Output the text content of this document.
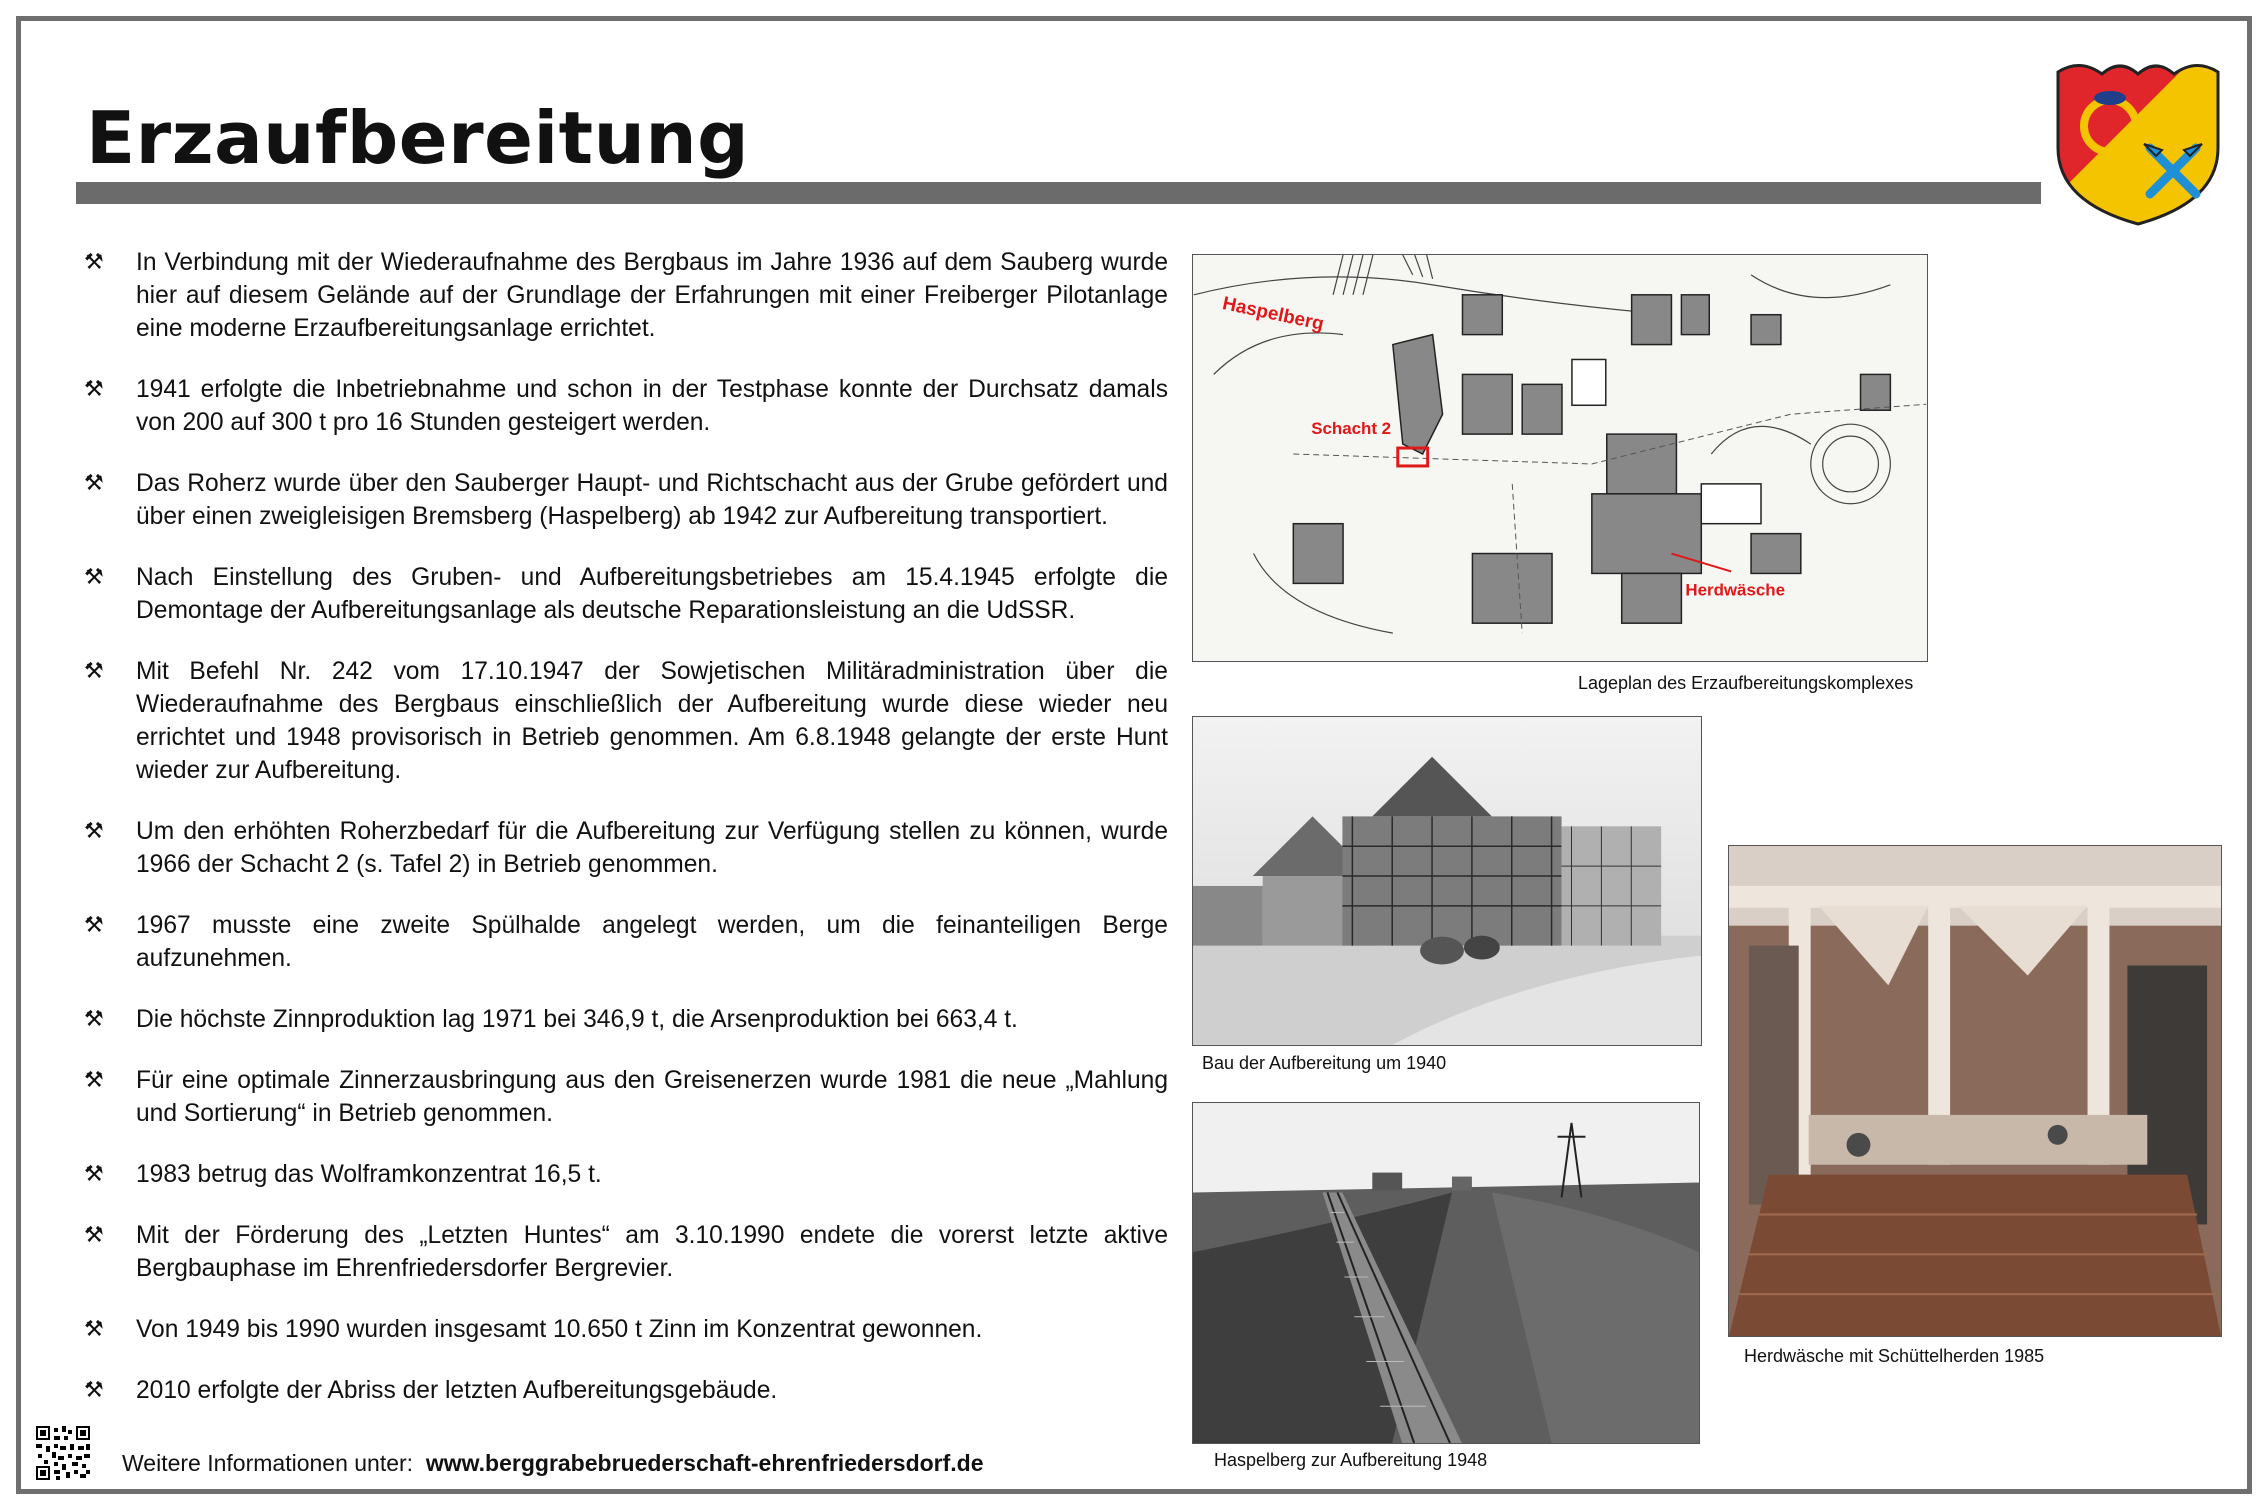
Erzaufbereitung
⚒ In Verbindung mit der Wiederaufnahme des Bergbaus im Jahre 1936 auf dem Sauberg wurde hier auf diesem Gelände auf der Grundlage der Erfahrungen mit einer Freiberger Pilotanlage eine moderne Erzaufbereitungsanlage errichtet.
⚒ 1941 erfolgte die Inbetriebnahme und schon in der Testphase konnte der Durchsatz damals von 200 auf 300 t pro 16 Stunden gesteigert werden.
⚒ Das Roherz wurde über den Sauberger Haupt- und Richtschacht aus der Grube gefördert und über einen zweigleisigen Bremsberg (Haspelberg) ab 1942 zur Aufbereitung transportiert.
⚒ Nach Einstellung des Gruben- und Aufbereitungsbetriebes am 15.4.1945 erfolgte die Demontage der Aufbereitungsanlage als deutsche Reparationsleistung an die UdSSR.
⚒ Mit Befehl Nr. 242 vom 17.10.1947 der Sowjetischen Militäradministration über die Wiederaufnahme des Bergbaus einschließlich der Aufbereitung wurde diese wieder neu errichtet und 1948 provisorisch in Betrieb genommen. Am 6.8.1948 gelangte der erste Hunt wieder zur Aufbereitung.
⚒ Um den erhöhten Roherzbedarf für die Aufbereitung zur Verfügung stellen zu können, wurde 1966 der Schacht 2 (s. Tafel 2) in Betrieb genommen.
⚒ 1967 musste eine zweite Spülhalde angelegt werden, um die feinanteiligen Berge aufzunehmen.
⚒ Die höchste Zinnproduktion lag 1971 bei 346,9 t, die Arsenproduktion bei 663,4 t.
⚒ Für eine optimale Zinnerzausbringung aus den Greisenerzen wurde 1981 die neue „Mahlung und Sortierung“ in Betrieb genommen.
⚒ 1983 betrug das Wolframkonzentrat 16,5 t.
⚒ Mit der Förderung des „Letzten Huntes“ am 3.10.1990 endete die vorerst letzte aktive Bergbauphase im Ehrenfriedersdorfer Bergrevier.
⚒ Von 1949 bis 1990 wurden insgesamt 10.650 t Zinn im Konzentrat gewonnen.
⚒ 2010 erfolgte der Abriss der letzten Aufbereitungsgebäude.
Haspelberg
Schacht 2
Herdwäsche
Lageplan des Erzaufbereitungskomplexes
Bau der Aufbereitung um 1940
Haspelberg zur Aufbereitung 1948
Herdwäsche mit Schüttelherden 1985
Weitere Informationen unter: www.berggrabebruederschaft-ehrenfriedersdorf.de
